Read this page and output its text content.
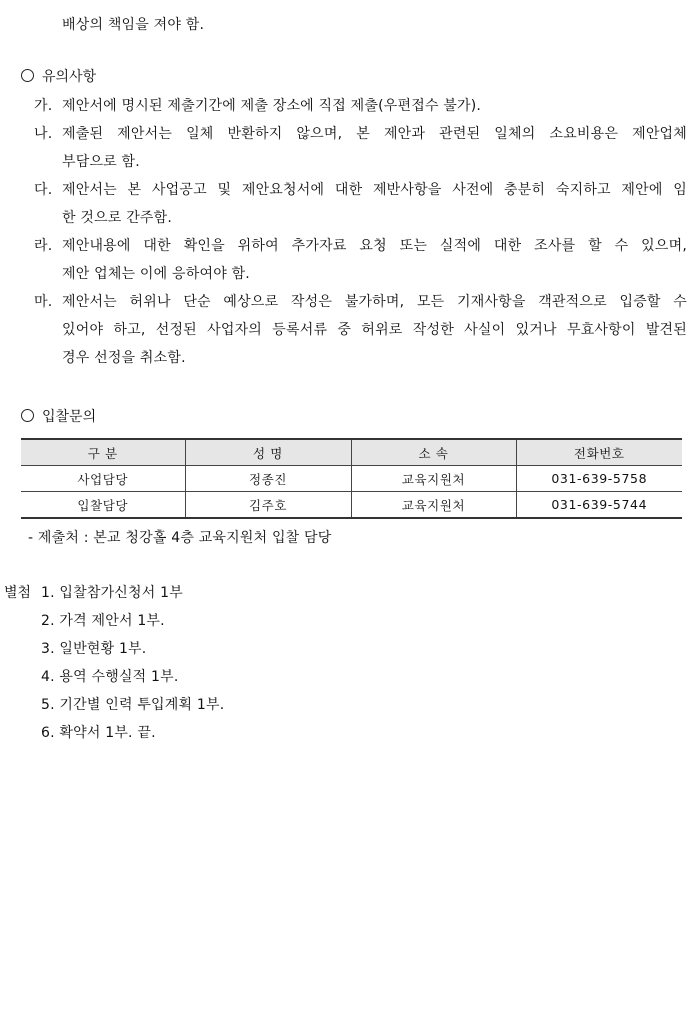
배상의 책임을 져야 함.
유의사항
가. 제안서에 명시된 제출기간에 제출 장소에 직접 제출(우편접수 불가).
나. 제출된 제안서는 일체 반환하지 않으며, 본 제안과 관련된 일체의 소요비용은 제안업체
부담으로 함.
다. 제안서는 본 사업공고 및 제안요청서에 대한 제반사항을 사전에 충분히 숙지하고 제안에 임
한 것으로 간주함.
라. 제안내용에 대한 확인을 위하여 추가자료 요청 또는 실적에 대한 조사를 할 수 있으며,
제안 업체는 이에 응하여야 함.
마. 제안서는 허위나 단순 예상으로 작성은 불가하며, 모든 기재사항을 객관적으로 입증할 수
있어야 하고, 선정된 사업자의 등록서류 중 허위로 작성한 사실이 있거나 무효사항이 발견된
경우 선정을 취소함.
입찰문의
구 분	성 명	소 속	전화번호
사업담당	정종진	교육지원처	031-639-5758
입찰담당	김주호	교육지원처	031-639-5744
- 제출처 : 본교 청강홀 4층 교육지원처 입찰 담당
별첨 1. 입찰참가신청서 1부
2. 가격 제안서 1부.
3. 일반현황 1부.
4. 용역 수행실적 1부.
5. 기간별 인력 투입계획 1부.
6. 확약서 1부. 끝.
